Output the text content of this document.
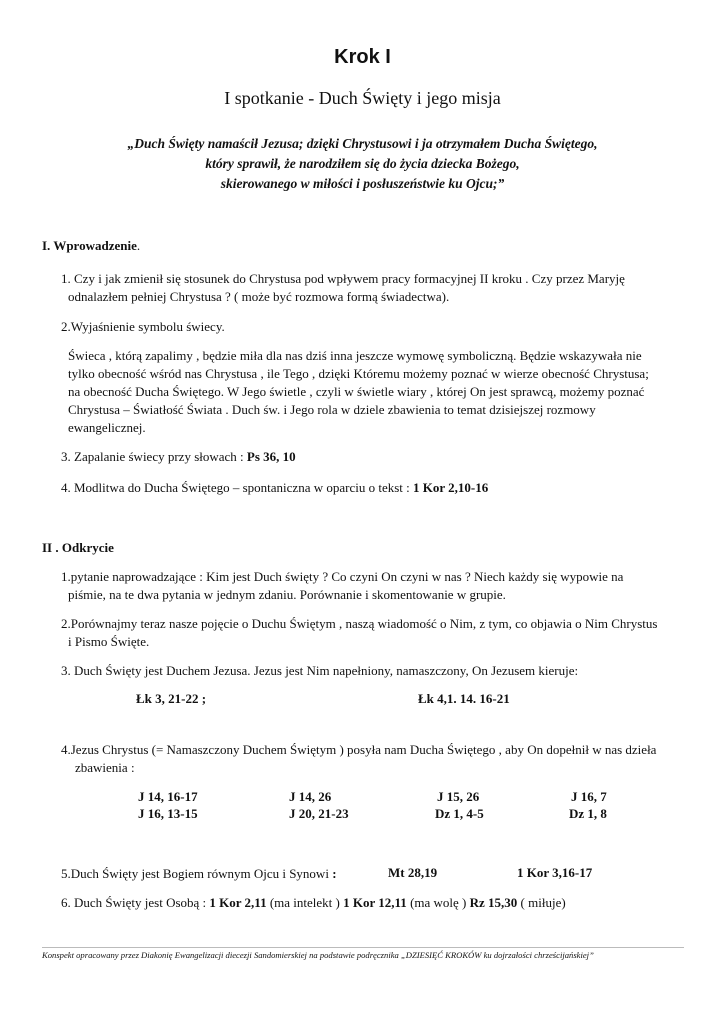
Krok I
I spotkanie - Duch Święty i jego misja
„Duch Święty namaścił Jezusa; dzięki Chrystusowi i ja otrzymałem Ducha Świętego,
który sprawił, że narodziłem się do życia dziecka Bożego,
skierowanego w miłości i posłuszeństwie ku Ojcu;”
I. Wprowadzenie.
1. Czy i jak zmienił się stosunek do Chrystusa pod wpływem pracy formacyjnej II kroku . Czy przez Maryję
odnalazłem pełniej Chrystusa ? ( może być rozmowa formą świadectwa).
2.Wyjaśnienie symbolu świecy.
Świeca , którą zapalimy , będzie miła dla nas dziś inna jeszcze wymowę symboliczną. Będzie wskazywała nie
tylko obecność wśród nas Chrystusa , ile Tego , dzięki Któremu możemy poznać w wierze obecność Chrystusa;
na obecność Ducha Świętego. W Jego świetle , czyli w świetle wiary , której On jest sprawcą, możemy poznać
Chrystusa – Światłość Świata . Duch św. i Jego rola w dziele zbawienia to temat dzisiejszej rozmowy
ewangelicznej.
3. Zapalanie świecy przy słowach : Ps 36, 10
4. Modlitwa do Ducha Świętego – spontaniczna w oparciu o tekst : 1 Kor 2,10-16
II . Odkrycie
1.pytanie naprowadzające : Kim jest Duch święty ? Co czyni On czyni w nas ? Niech każdy się wypowie na
piśmie, na te dwa pytania w jednym zdaniu. Porównanie i skomentowanie w grupie.
2.Porównajmy teraz nasze pojęcie o Duchu Świętym , naszą wiadomość o Nim, z tym, co objawia o Nim Chrystus
i Pismo Święte.
3. Duch Święty jest Duchem Jezusa. Jezus jest Nim napełniony, namaszczony, On Jezusem kieruje:
Łk 3, 21-22 ;	Łk 4,1. 14. 16-21
4.Jezus Chrystus (= Namaszczony Duchem Świętym ) posyła nam Ducha Świętego , aby On dopełnił w nas dzieła
zbawienia :
J 14, 16-17	J 14, 26	J 15, 26	J 16, 7
J 16, 13-15	J 20, 21-23	Dz 1, 4-5	Dz 1, 8
5.Duch Święty jest Bogiem równym Ojcu i Synowi :	Mt 28,19	1 Kor 3,16-17
6. Duch Święty jest Osobą : 1 Kor 2,11 (ma intelekt ) 1 Kor 12,11 (ma wolę ) Rz 15,30 ( miłuje)
Konspekt opracowany przez Diakonię Ewangelizacji diecezji Sandomierskiej na podstawie podręcznika „DZIESIĘĆ KROKÓW ku dojrzałości chrześcijańskiej”
